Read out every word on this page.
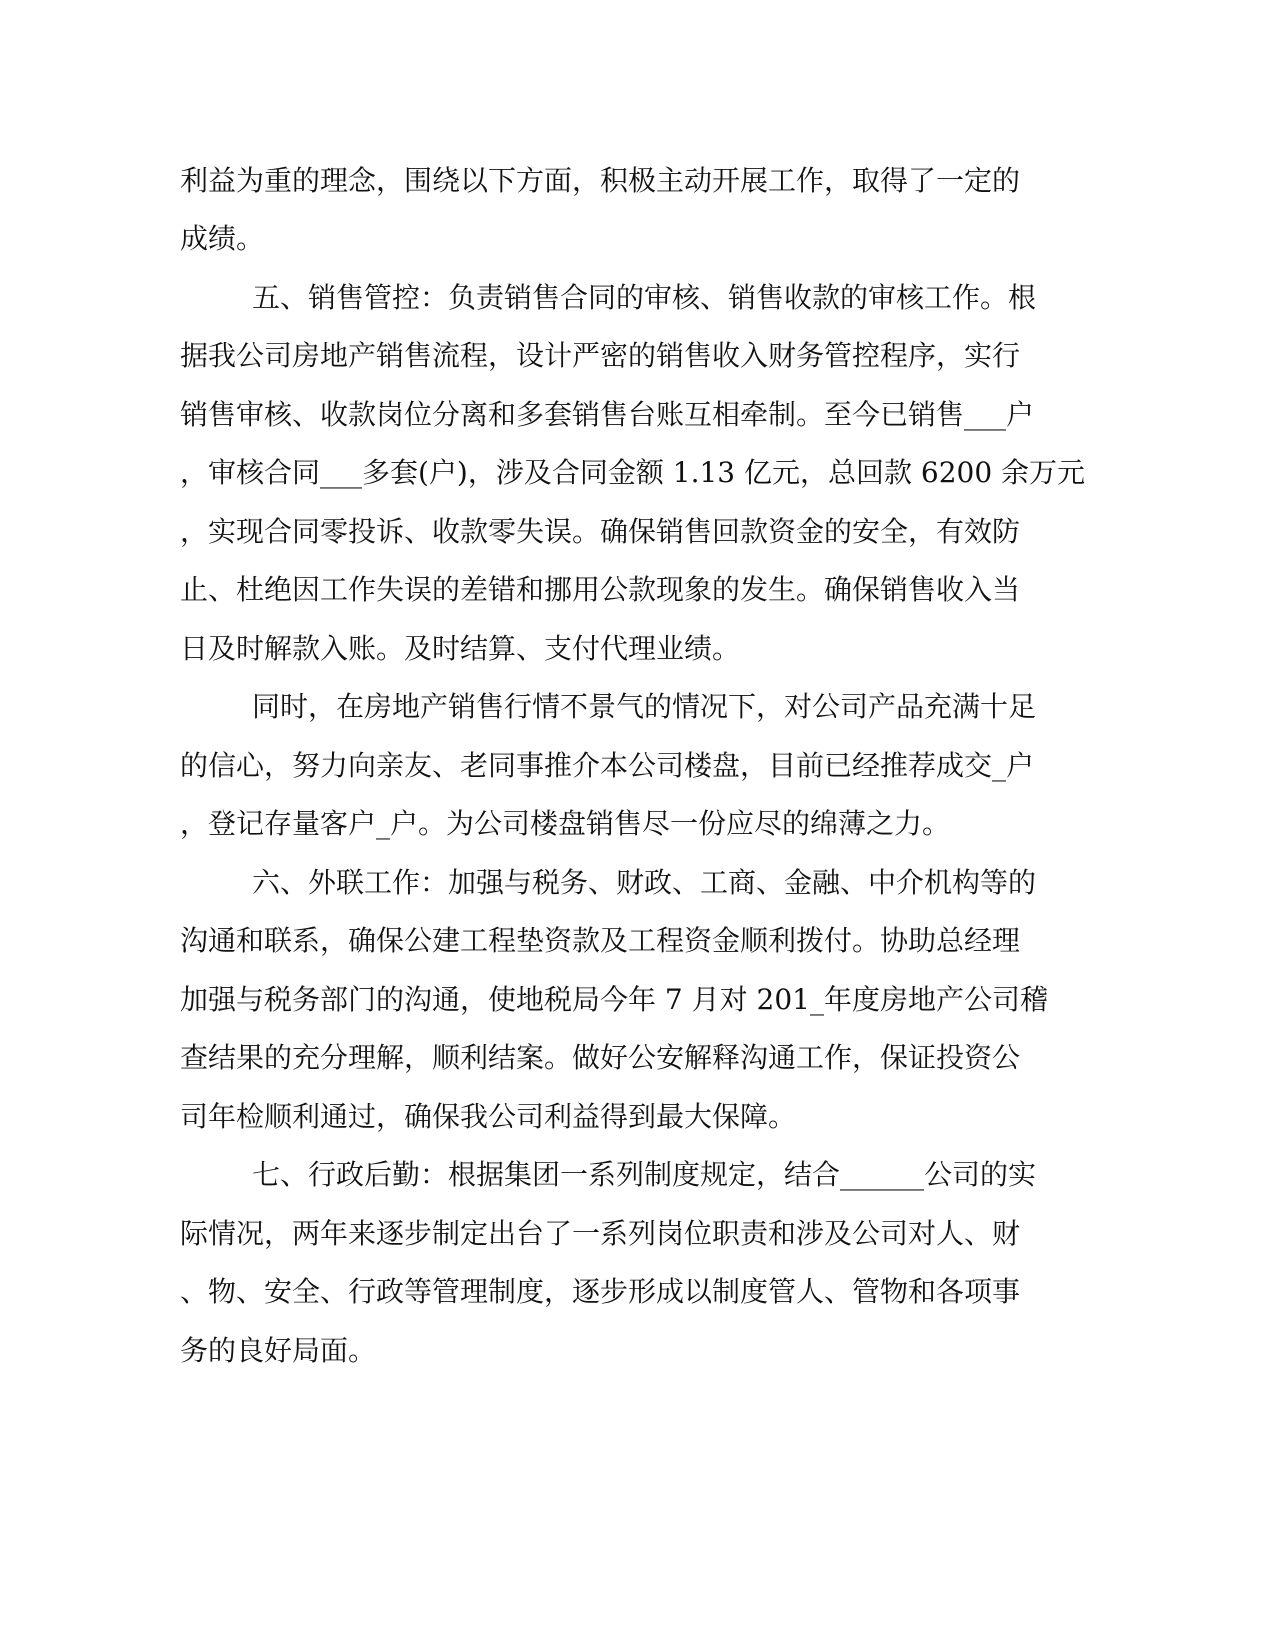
利益为重的理念，围绕以下方面，积极主动开展工作，取得了一定的

成绩。

五、销售管控：负责销售合同的审核、销售收款的审核工作。根

据我公司房地产销售流程，设计严密的销售收入财务管控程序，实行

销售审核、收款岗位分离和多套销售台账互相牵制。至今已销售___户

，审核合同___多套(户)，涉及合同金额 1.13 亿元，总回款 6200 余万元

，实现合同零投诉、收款零失误。确保销售回款资金的安全，有效防

止、杜绝因工作失误的差错和挪用公款现象的发生。确保销售收入当

日及时解款入账。及时结算、支付代理业绩。

同时，在房地产销售行情不景气的情况下，对公司产品充满十足

的信心，努力向亲友、老同事推介本公司楼盘，目前已经推荐成交_户

，登记存量客户_户。为公司楼盘销售尽一份应尽的绵薄之力。

六、外联工作：加强与税务、财政、工商、金融、中介机构等的

沟通和联系，确保公建工程垫资款及工程资金顺利拨付。协助总经理

加强与税务部门的沟通，使地税局今年 7 月对 201_年度房地产公司稽

查结果的充分理解，顺利结案。做好公安解释沟通工作，保证投资公

司年检顺利通过，确保我公司利益得到最大保障。

七、行政后勤：根据集团一系列制度规定，结合______公司的实

际情况，两年来逐步制定出台了一系列岗位职责和涉及公司对人、财

、物、安全、行政等管理制度，逐步形成以制度管人、管物和各项事

务的良好局面。
